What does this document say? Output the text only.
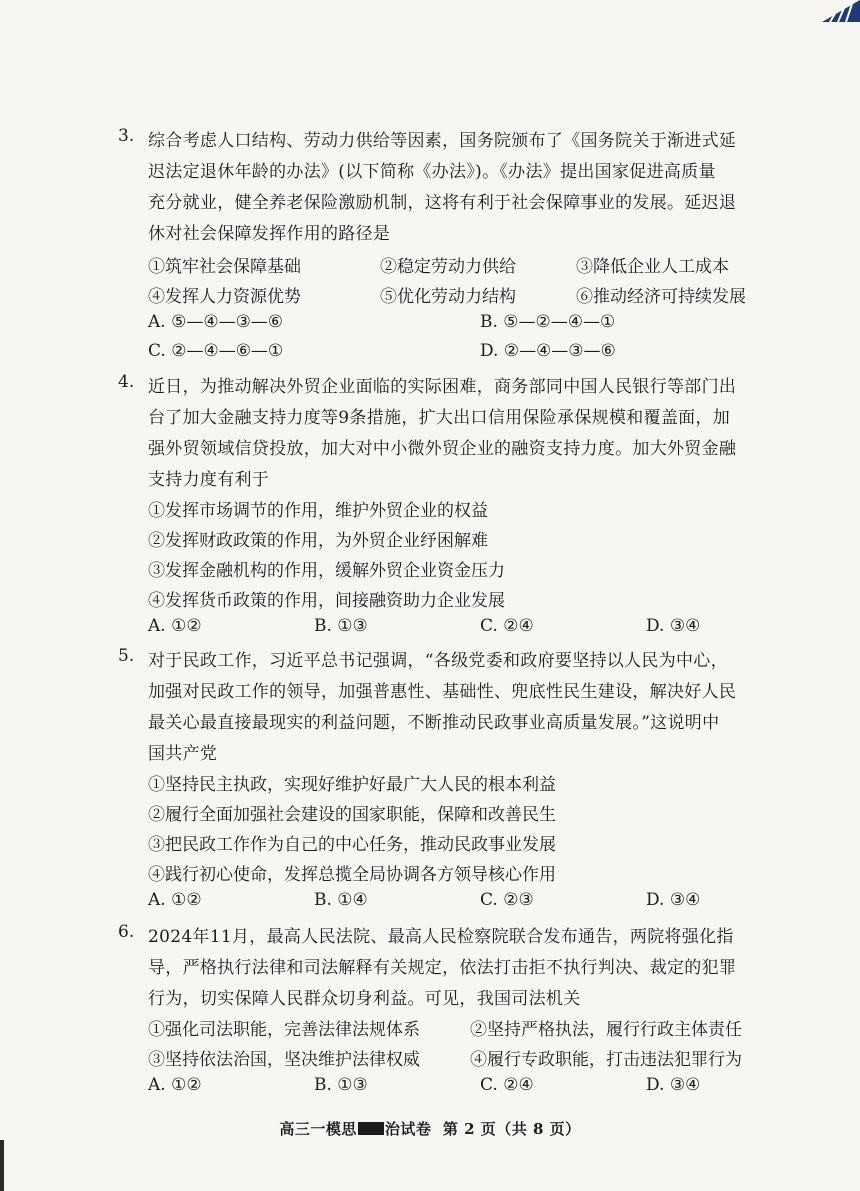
3. 综合考虑人口结构、劳动力供给等因素，国务院颁布了《国务院关于渐进式延
迟法定退休年龄的办法》(以下简称《办法》)。《办法》提出国家促进高质量
充分就业，健全养老保险激励机制，这将有利于社会保障事业的发展。延迟退
休对社会保障发挥作用的路径是
①筑牢社会保障基础	②稳定劳动力供给	③降低企业人工成本
④发挥人力资源优势	⑤优化劳动力结构	⑥推动经济可持续发展
A. ⑤—④—③—⑥	B. ⑤—②—④—①
C. ②—④—⑥—①	D. ②—④—③—⑥
4. 近日，为推动解决外贸企业面临的实际困难，商务部同中国人民银行等部门出
台了加大金融支持力度等9条措施，扩大出口信用保险承保规模和覆盖面，加
强外贸领域信贷投放，加大对中小微外贸企业的融资支持力度。加大外贸金融
支持力度有利于
①发挥市场调节的作用，维护外贸企业的权益
②发挥财政政策的作用，为外贸企业纾困解难
③发挥金融机构的作用，缓解外贸企业资金压力
④发挥货币政策的作用，间接融资助力企业发展
A. ①②	B. ①③	C. ②④	D. ③④
5. 对于民政工作，习近平总书记强调，“各级党委和政府要坚持以人民为中心，
加强对民政工作的领导，加强普惠性、基础性、兜底性民生建设，解决好人民
最关心最直接最现实的利益问题，不断推动民政事业高质量发展。”这说明中
国共产党
①坚持民主执政，实现好维护好最广大人民的根本利益
②履行全面加强社会建设的国家职能，保障和改善民生
③把民政工作作为自己的中心任务，推动民政事业发展
④践行初心使命，发挥总揽全局协调各方领导核心作用
A. ①②	B. ①④	C. ②③	D. ③④
6. 2024年11月，最高人民法院、最高人民检察院联合发布通告，两院将强化指
导，严格执行法律和司法解释有关规定，依法打击拒不执行判决、裁定的犯罪
行为，切实保障人民群众切身利益。可见，我国司法机关
①强化司法职能，完善法律法规体系	②坚持严格执法，履行行政主体责任
③坚持依法治国，坚决维护法律权威	④履行专政职能，打击违法犯罪行为
A. ①②	B. ①③	C. ②④	D. ③④
高三一模思 治试卷 第 2 页（共 8 页）
